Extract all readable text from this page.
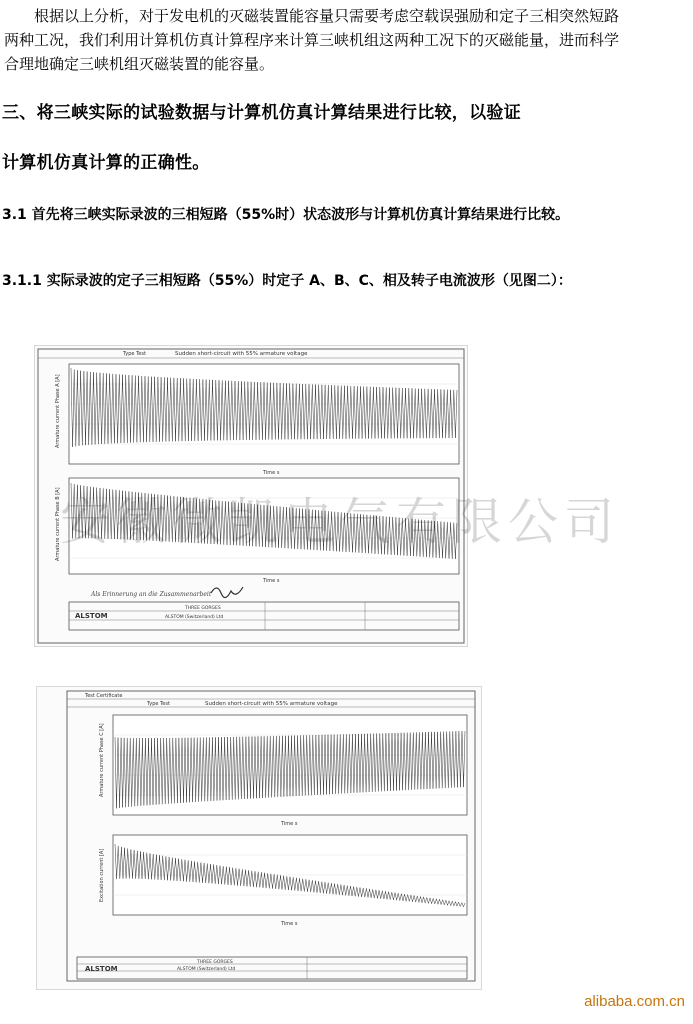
根据以上分析，对于发电机的灭磁装置能容量只需要考虑空载误强励和定子三相突然短路两种工况，我们利用计算机仿真计算程序来计算三峡机组这两种工况下的灭磁能量，进而科学合理地确定三峡机组灭磁装置的能容量。

三、将三峡实际的试验数据与计算机仿真计算结果进行比较，以验证

计算机仿真计算的正确性。

3.1 首先将三峡实际录波的三相短路（55%时）状态波形与计算机仿真计算结果进行比较。

3.1.1 实际录波的定子三相短路（55%）时定子 A、B、C、相及转子电流波形（见图二）：

Type Test	Sudden short-circuit with 55% armature voltage
Armature current Phase A [A]
Time s
Armature current Phase B [A]
Time s
Als Erinnerung an die Zusammenarbeit
ALSTOM
THREE GORGES
ALSTOM (Switzerland) Ltd
Test Certificate
Type Test	Sudden short-circuit with 55% armature voltage
Armature current Phase C [A]
Time s
Excitation current [A]
Time s
ALSTOM
THREE GORGES
ALSTOM (Switzerland) Ltd
安徽微凯电气有限公司
alibaba.com.cn
